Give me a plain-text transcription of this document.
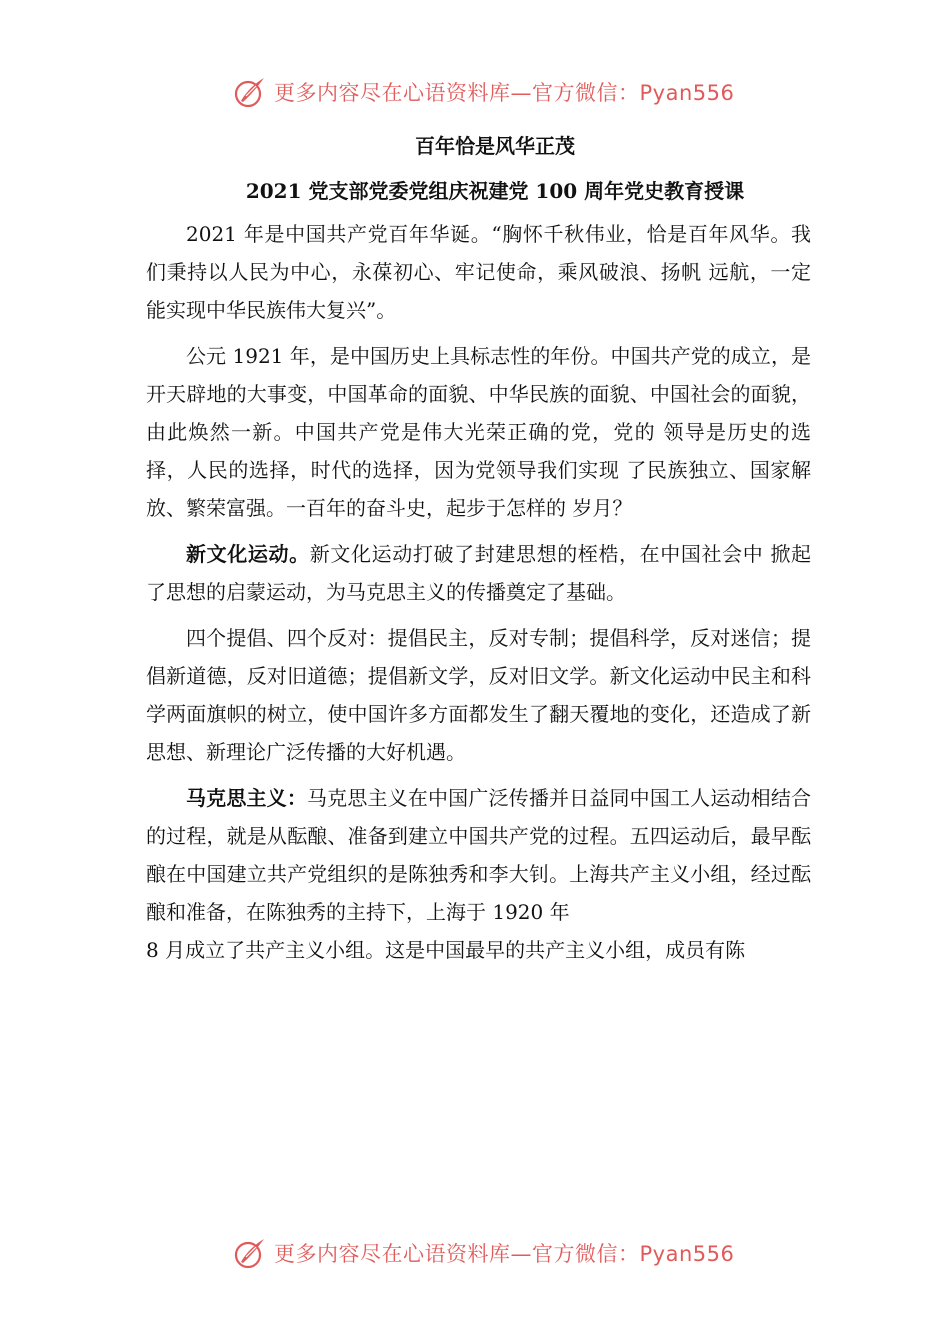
更多内容尽在心语资料库—官方微信：Pyan556
百年恰是风华正茂
2021 党支部党委党组庆祝建党 100 周年党史教育授课

2021 年是中国共产党百年华诞。“胸怀千秋伟业，恰是百年风华。我们秉持以人民为中心，永葆初心、牢记使命，乘风破浪、扬帆 远航，一定能实现中华民族伟大复兴”。

公元 1921 年，是中国历史上具标志性的年份。中国共产党的成立，是开天辟地的大事变，中国革命的面貌、中华民族的面貌、中国社会的面貌，由此焕然一新。中国共产党是伟大光荣正确的党，党的 领导是历史的选择，人民的选择，时代的选择，因为党领导我们实现 了民族独立、国家解放、繁荣富强。一百年的奋斗史，起步于怎样的 岁月？

新文化运动。新文化运动打破了封建思想的桎梏，在中国社会中 掀起了思想的启蒙运动，为马克思主义的传播奠定了基础。

四个提倡、四个反对：提倡民主，反对专制；提倡科学，反对迷信；提倡新道德，反对旧道德；提倡新文学，反对旧文学。新文化运动中民主和科学两面旗帜的树立，使中国许多方面都发生了翻天覆地的变化，还造成了新思想、新理论广泛传播的大好机遇。

马克思主义：马克思主义在中国广泛传播并日益同中国工人运动相结合的过程，就是从酝酿、准备到建立中国共产党的过程。五四运动后，最早酝酿在中国建立共产党组织的是陈独秀和李大钊。上海共产主义小组，经过酝酿和准备，在陈独秀的主持下，上海于 1920 年

8 月成立了共产主义小组。这是中国最早的共产主义小组，成员有陈

更多内容尽在心语资料库—官方微信：Pyan556
